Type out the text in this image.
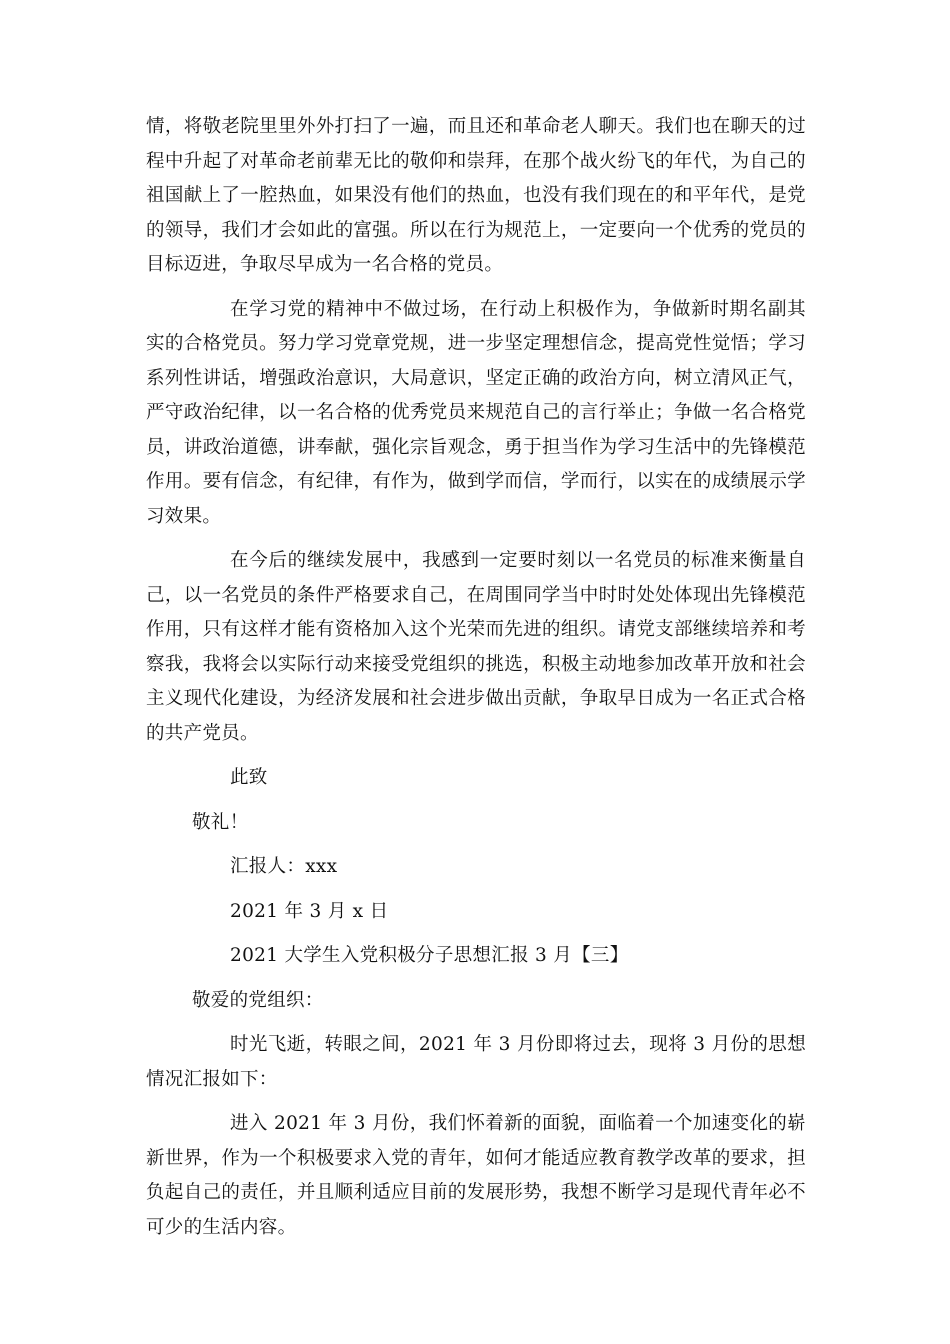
情，将敬老院里里外外打扫了一遍，而且还和革命老人聊天。我们也在聊天的过程中升起了对革命老前辈无比的敬仰和崇拜，在那个战火纷飞的年代，为自己的祖国献上了一腔热血，如果没有他们的热血，也没有我们现在的和平年代，是党的领导，我们才会如此的富强。所以在行为规范上，一定要向一个优秀的党员的目标迈进，争取尽早成为一名合格的党员。

在学习党的精神中不做过场，在行动上积极作为，争做新时期名副其实的合格党员。努力学习党章党规，进一步坚定理想信念，提高党性觉悟；学习系列性讲话，增强政治意识，大局意识，坚定正确的政治方向，树立清风正气，严守政治纪律，以一名合格的优秀党员来规范自己的言行举止；争做一名合格党员，讲政治道德，讲奉献，强化宗旨观念，勇于担当作为学习生活中的先锋模范作用。要有信念，有纪律，有作为，做到学而信，学而行，以实在的成绩展示学习效果。

在今后的继续发展中，我感到一定要时刻以一名党员的标准来衡量自己，以一名党员的条件严格要求自己，在周围同学当中时时处处体现出先锋模范作用，只有这样才能有资格加入这个光荣而先进的组织。请党支部继续培养和考察我，我将会以实际行动来接受党组织的挑选，积极主动地参加改革开放和社会主义现代化建设，为经济发展和社会进步做出贡献，争取早日成为一名正式合格的共产党员。

此致
敬礼！
汇报人：xxx
2021 年 3 月 x 日
2021 大学生入党积极分子思想汇报 3 月【三】
敬爱的党组织：

时光飞逝，转眼之间，2021 年 3 月份即将过去，现将 3 月份的思想情况汇报如下：

进入 2021 年 3 月份，我们怀着新的面貌，面临着一个加速变化的崭新世界，作为一个积极要求入党的青年，如何才能适应教育教学改革的要求，担负起自己的责任，并且顺利适应目前的发展形势，我想不断学习是现代青年必不可少的生活内容。
